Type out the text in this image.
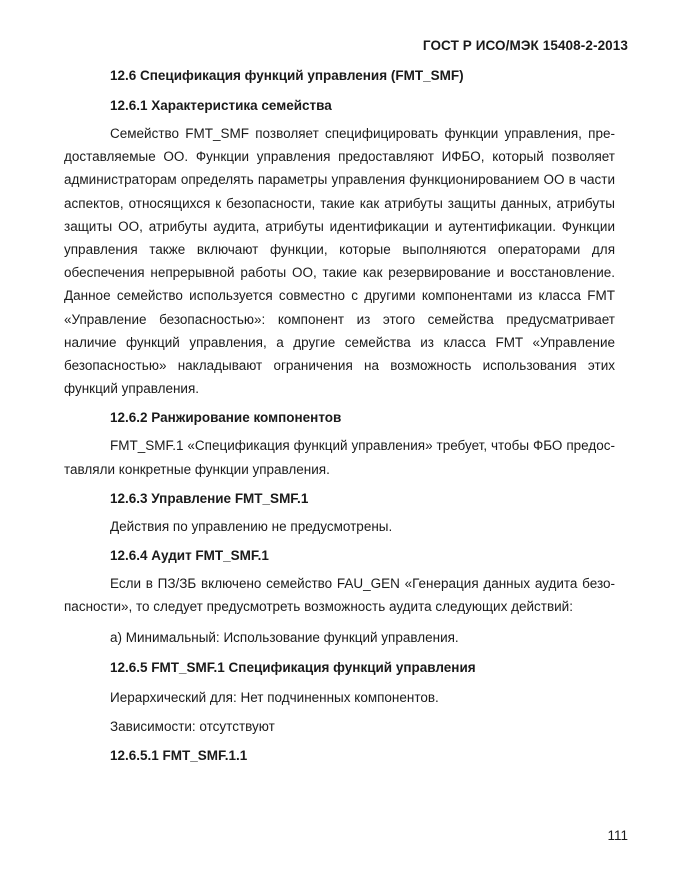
ГОСТ Р ИСО/МЭК 15408-2-2013

12.6 Спецификация функций управления (FMT_SMF)

12.6.1 Характеристика семейства

Семейство FMT_SMF позволяет специфицировать функции управления, предоставляемые ОО. Функции управления предоставляют ИФБО, который позволяет администраторам определять параметры управления функционированием ОО в части аспектов, относящихся к безопасности, такие как атрибуты защиты данных, атрибуты защиты ОО, атрибуты аудита, атрибуты идентификации и аутентификации. Функции управления также включают функции, которые выполняются операторами для обеспечения непрерывной работы ОО, такие как резервирование и восстановление. Данное семейство используется совместно с другими компонентами из класса FMT «Управление безопасностью»: компонент из этого семейства предусматривает наличие функций управления, а другие семейства из класса FMT «Управление безопасностью» накладывают ограничения на возможность использования этих функций управления.

12.6.2 Ранжирование компонентов

FMT_SMF.1 «Спецификация функций управления» требует, чтобы ФБО предоставляли конкретные функции управления.

12.6.3 Управление FMT_SMF.1

Действия по управлению не предусмотрены.

12.6.4 Аудит FMT_SMF.1

Если в ПЗ/ЗБ включено семейство FAU_GEN «Генерация данных аудита безопасности», то следует предусмотреть возможность аудита следующих действий:

а) Минимальный: Использование функций управления.

12.6.5 FMT_SMF.1 Спецификация функций управления

Иерархический для: Нет подчиненных компонентов.

Зависимости: отсутствуют

12.6.5.1 FMT_SMF.1.1

111
